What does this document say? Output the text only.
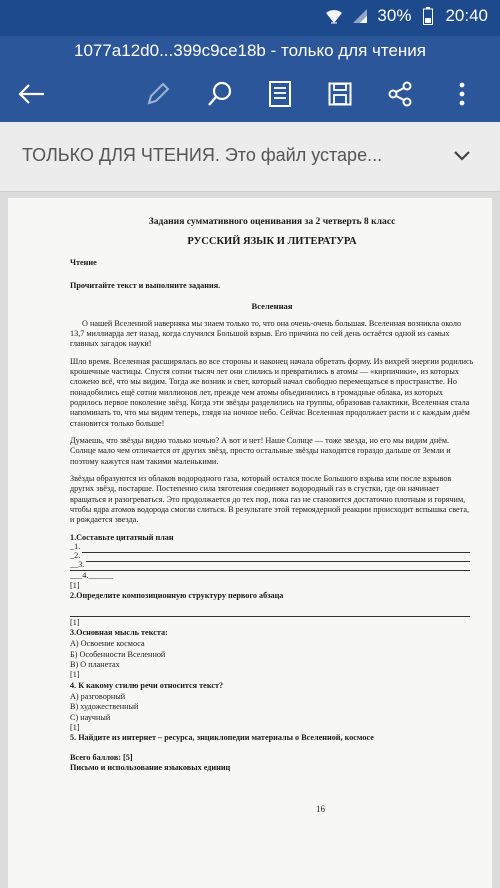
30% 20:40
1077a12d0...399c9ce18b - только для чтения
ТОЛЬКО ДЛЯ ЧТЕНИЯ. Это файл устаре...

Задания суммативного оценивания за 2 четверть 8 класс

РУССКИЙ ЯЗЫК И ЛИТЕРАТУРА

Чтение

Прочитайте текст и выполните задания.

Вселенная

О нашей Вселенной наверняка мы знаем только то, что она очень-очень большая. Вселенная возникла около 13,7 миллиарда лет назад, когда случился Большой взрыв. Его причина по сей день остаётся одной из самых главных загадок науки!

Шло время. Вселенная расширялась во все стороны и наконец начала обретать форму. Из вихрей энергии родились крошечные частицы. Спустя сотни тысяч лет они слились и превратились в атомы — «кирпичики», из которых сложено всё, что мы видим. Тогда же возник и свет, который начал свободно перемещаться в пространстве. Но понадобились ещё сотни миллионов лет, прежде чем атомы объединились в громадные облака, из которых родилось первое поколение звёзд. Когда эти звёзды разделились на группы, образовав галактики, Вселенная стала напоминать то, что мы видим теперь, глядя на ночное небо. Сейчас Вселенная продолжает расти и с каждым днём становится только больше!

Думаешь, что звёзды видно только ночью? А вот и нет! Наше Солнце — тоже звезда, но его мы видим днём. Солнце мало чем отличается от других звёзд, просто остальные звёзды находятся гораздо дальше от Земли и поэтому кажутся нам такими маленькими.

Звёзды образуются из облаков водородного газа, который остался после Большого взрыва или после взрывов других звёзд, постарше. Постепенно сила тяготения соединяет водородный газ в сгустки, где он начинает вращаться и разогреваться. Это продолжается до тех пор, пока газ не становится достаточно плотным и горячим, чтобы ядра атомов водорода смогли слиться. В результате этой термоядерной реакции происходит вспышка света, и рождается звезда.

1.Составьте цитатный план

_1.
_2.
__3.
___4.______

[1]

2.Определите композиционную структуру первого абзаца

[1]

3.Основная мысль текста:

А) Освоение космоса

Б) Особенности Вселенной

В) О планетах

[1]

4. К какому стилю речи относится текст?

А) разговорный

В) художественный

С) научный

[1]

5. Найдите из интернет – ресурса, энциклопедии материалы о Вселенной, космосе

Всего баллов: [5]

Письмо и использование языковых единиц

16
